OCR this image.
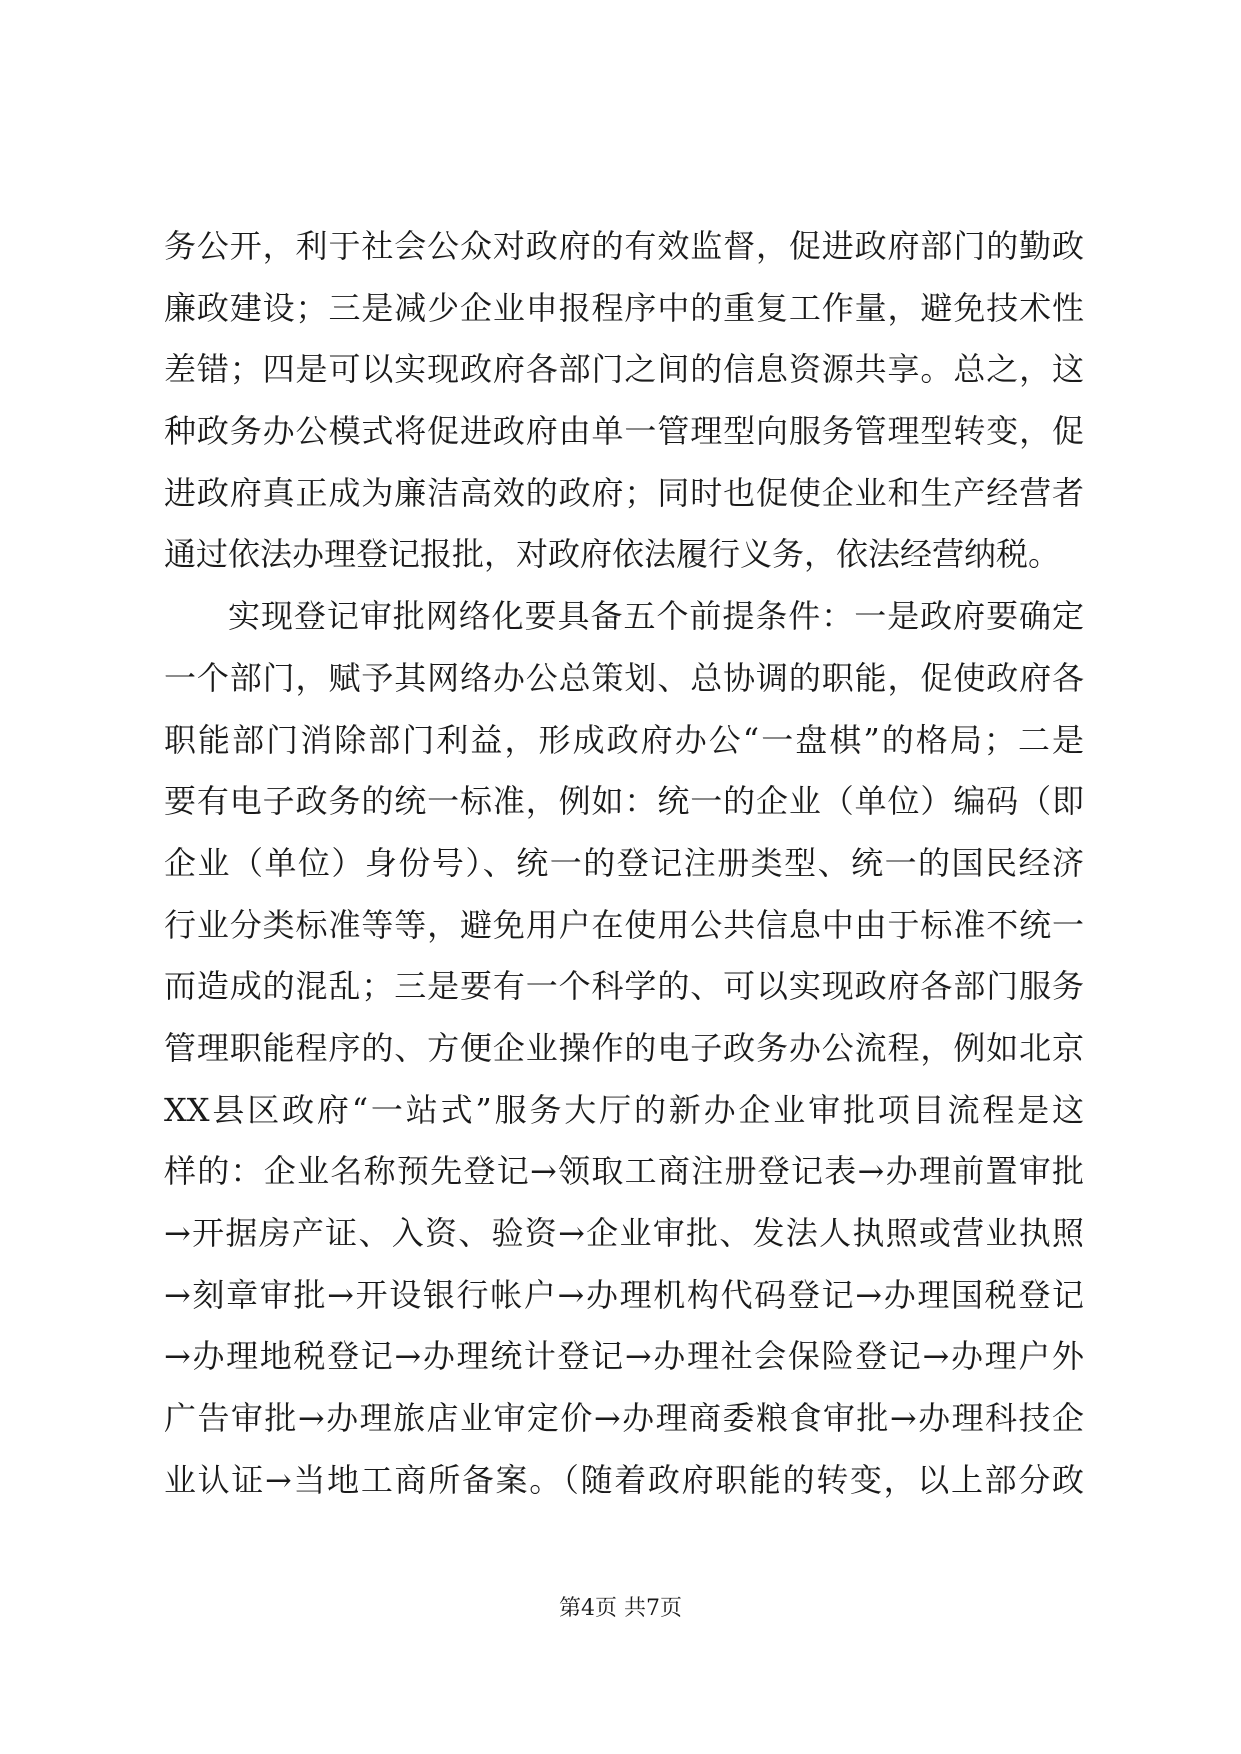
务公开，利于社会公众对政府的有效监督，促进政府部门的勤政
廉政建设；三是减少企业申报程序中的重复工作量，避免技术性
差错；四是可以实现政府各部门之间的信息资源共享。总之，这
种政务办公模式将促进政府由单一管理型向服务管理型转变，促
进政府真正成为廉洁高效的政府；同时也促使企业和生产经营者
通过依法办理登记报批，对政府依法履行义务，依法经营纳税。
实现登记审批网络化要具备五个前提条件：一是政府要确定
一个部门，赋予其网络办公总策划、总协调的职能，促使政府各
职能部门消除部门利益，形成政府办公“一盘棋”的格局；二是
要有电子政务的统一标准，例如：统一的企业（单位）编码（即
企业（单位）身份号）、统一的登记注册类型、统一的国民经济
行业分类标准等等，避免用户在使用公共信息中由于标准不统一
而造成的混乱；三是要有一个科学的、可以实现政府各部门服务
管理职能程序的、方便企业操作的电子政务办公流程，例如北京
XX县区政府“一站式”服务大厅的新办企业审批项目流程是这
样的：企业名称预先登记→领取工商注册登记表→办理前置审批
→开据房产证、入资、验资→企业审批、发法人执照或营业执照
→刻章审批→开设银行帐户→办理机构代码登记→办理国税登记
→办理地税登记→办理统计登记→办理社会保险登记→办理户外
广告审批→办理旅店业审定价→办理商委粮食审批→办理科技企
业认证→当地工商所备案。（随着政府职能的转变，以上部分政
第4页 共7页
